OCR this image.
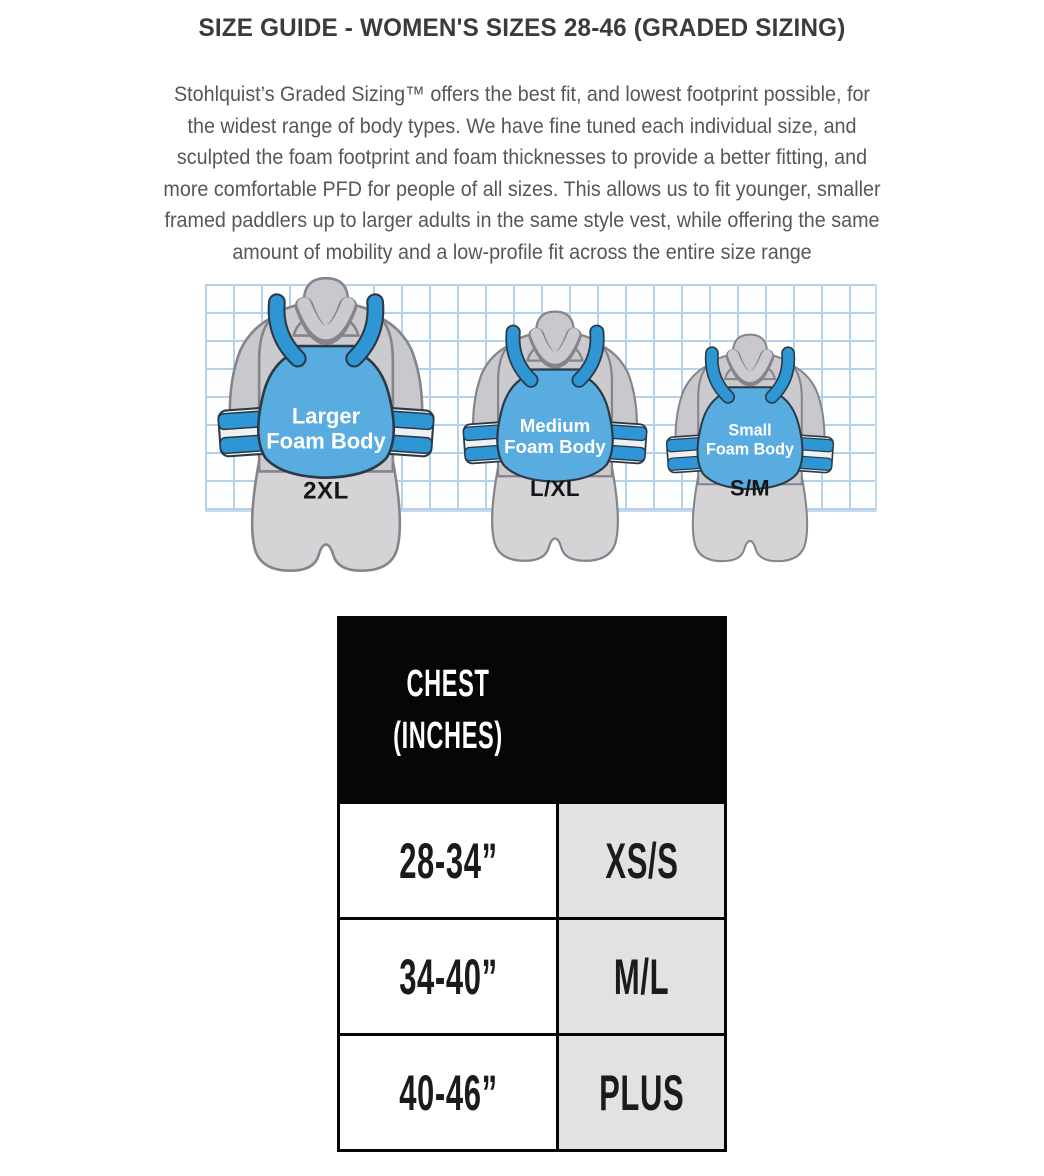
SIZE GUIDE - WOMEN'S SIZES 28-46 (GRADED SIZING)
Stohlquist’s Graded Sizing™ offers the best fit, and lowest footprint possible, for
the widest range of body types. We have fine tuned each individual size, and
sculpted the foam footprint and foam thicknesses to provide a better fitting, and
more comfortable PFD for people of all sizes. This allows us to fit younger, smaller
framed paddlers up to larger adults in the same style vest, while offering the same
amount of mobility and a low-profile fit across the entire size range
Larger
Foam Body
2XL
Medium
Foam Body
L/XL
Small
Foam Body
S/M
CHEST
(INCHES)
28-34” XS/S
34-40” M/L
40-46” PLUS
